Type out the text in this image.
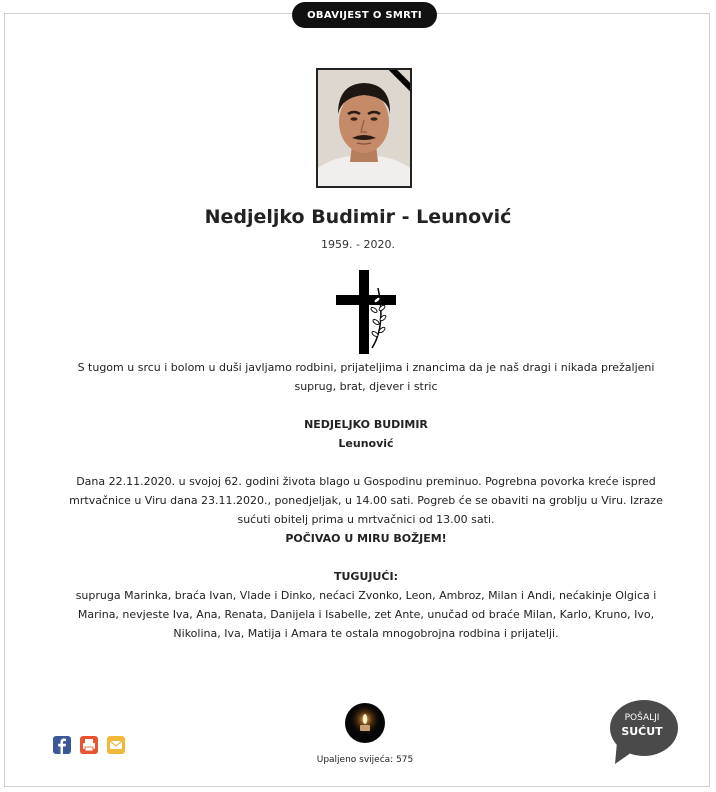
OBAVIJEST O SMRTI
Nedjeljko Budimir - Leunović
1959. - 2020.
S tugom u srcu i bolom u duši javljamo rodbini, prijateljima i znancima da je naš dragi i nikada prežaljeni suprug, brat, djever i stric
NEDJELJKO BUDIMIR
Leunović
Dana 22.11.2020. u svojoj 62. godini života blago u Gospodinu preminuo. Pogrebna povorka kreće ispred mrtvačnice u Viru dana 23.11.2020., ponedjeljak, u 14.00 sati. Pogreb će se obaviti na groblju u Viru. Izraze sućuti obitelj prima u mrtvačnici od 13.00 sati.
POČIVAO U MIRU BOŽJEM!
TUGUJUĆI:
supruga Marinka, braća Ivan, Vlade i Dinko, nećaci Zvonko, Leon, Ambroz, Milan i Andi, nećakinje Olgica i Marina, nevjeste Iva, Ana, Renata, Danijela i Isabelle, zet Ante, unučad od braće Milan, Karlo, Kruno, Ivo, Nikolina, Iva, Matija i Amara te ostala mnogobrojna rodbina i prijatelji.
Upaljeno svijeća: 575
POŠALJI
SUĆUT
